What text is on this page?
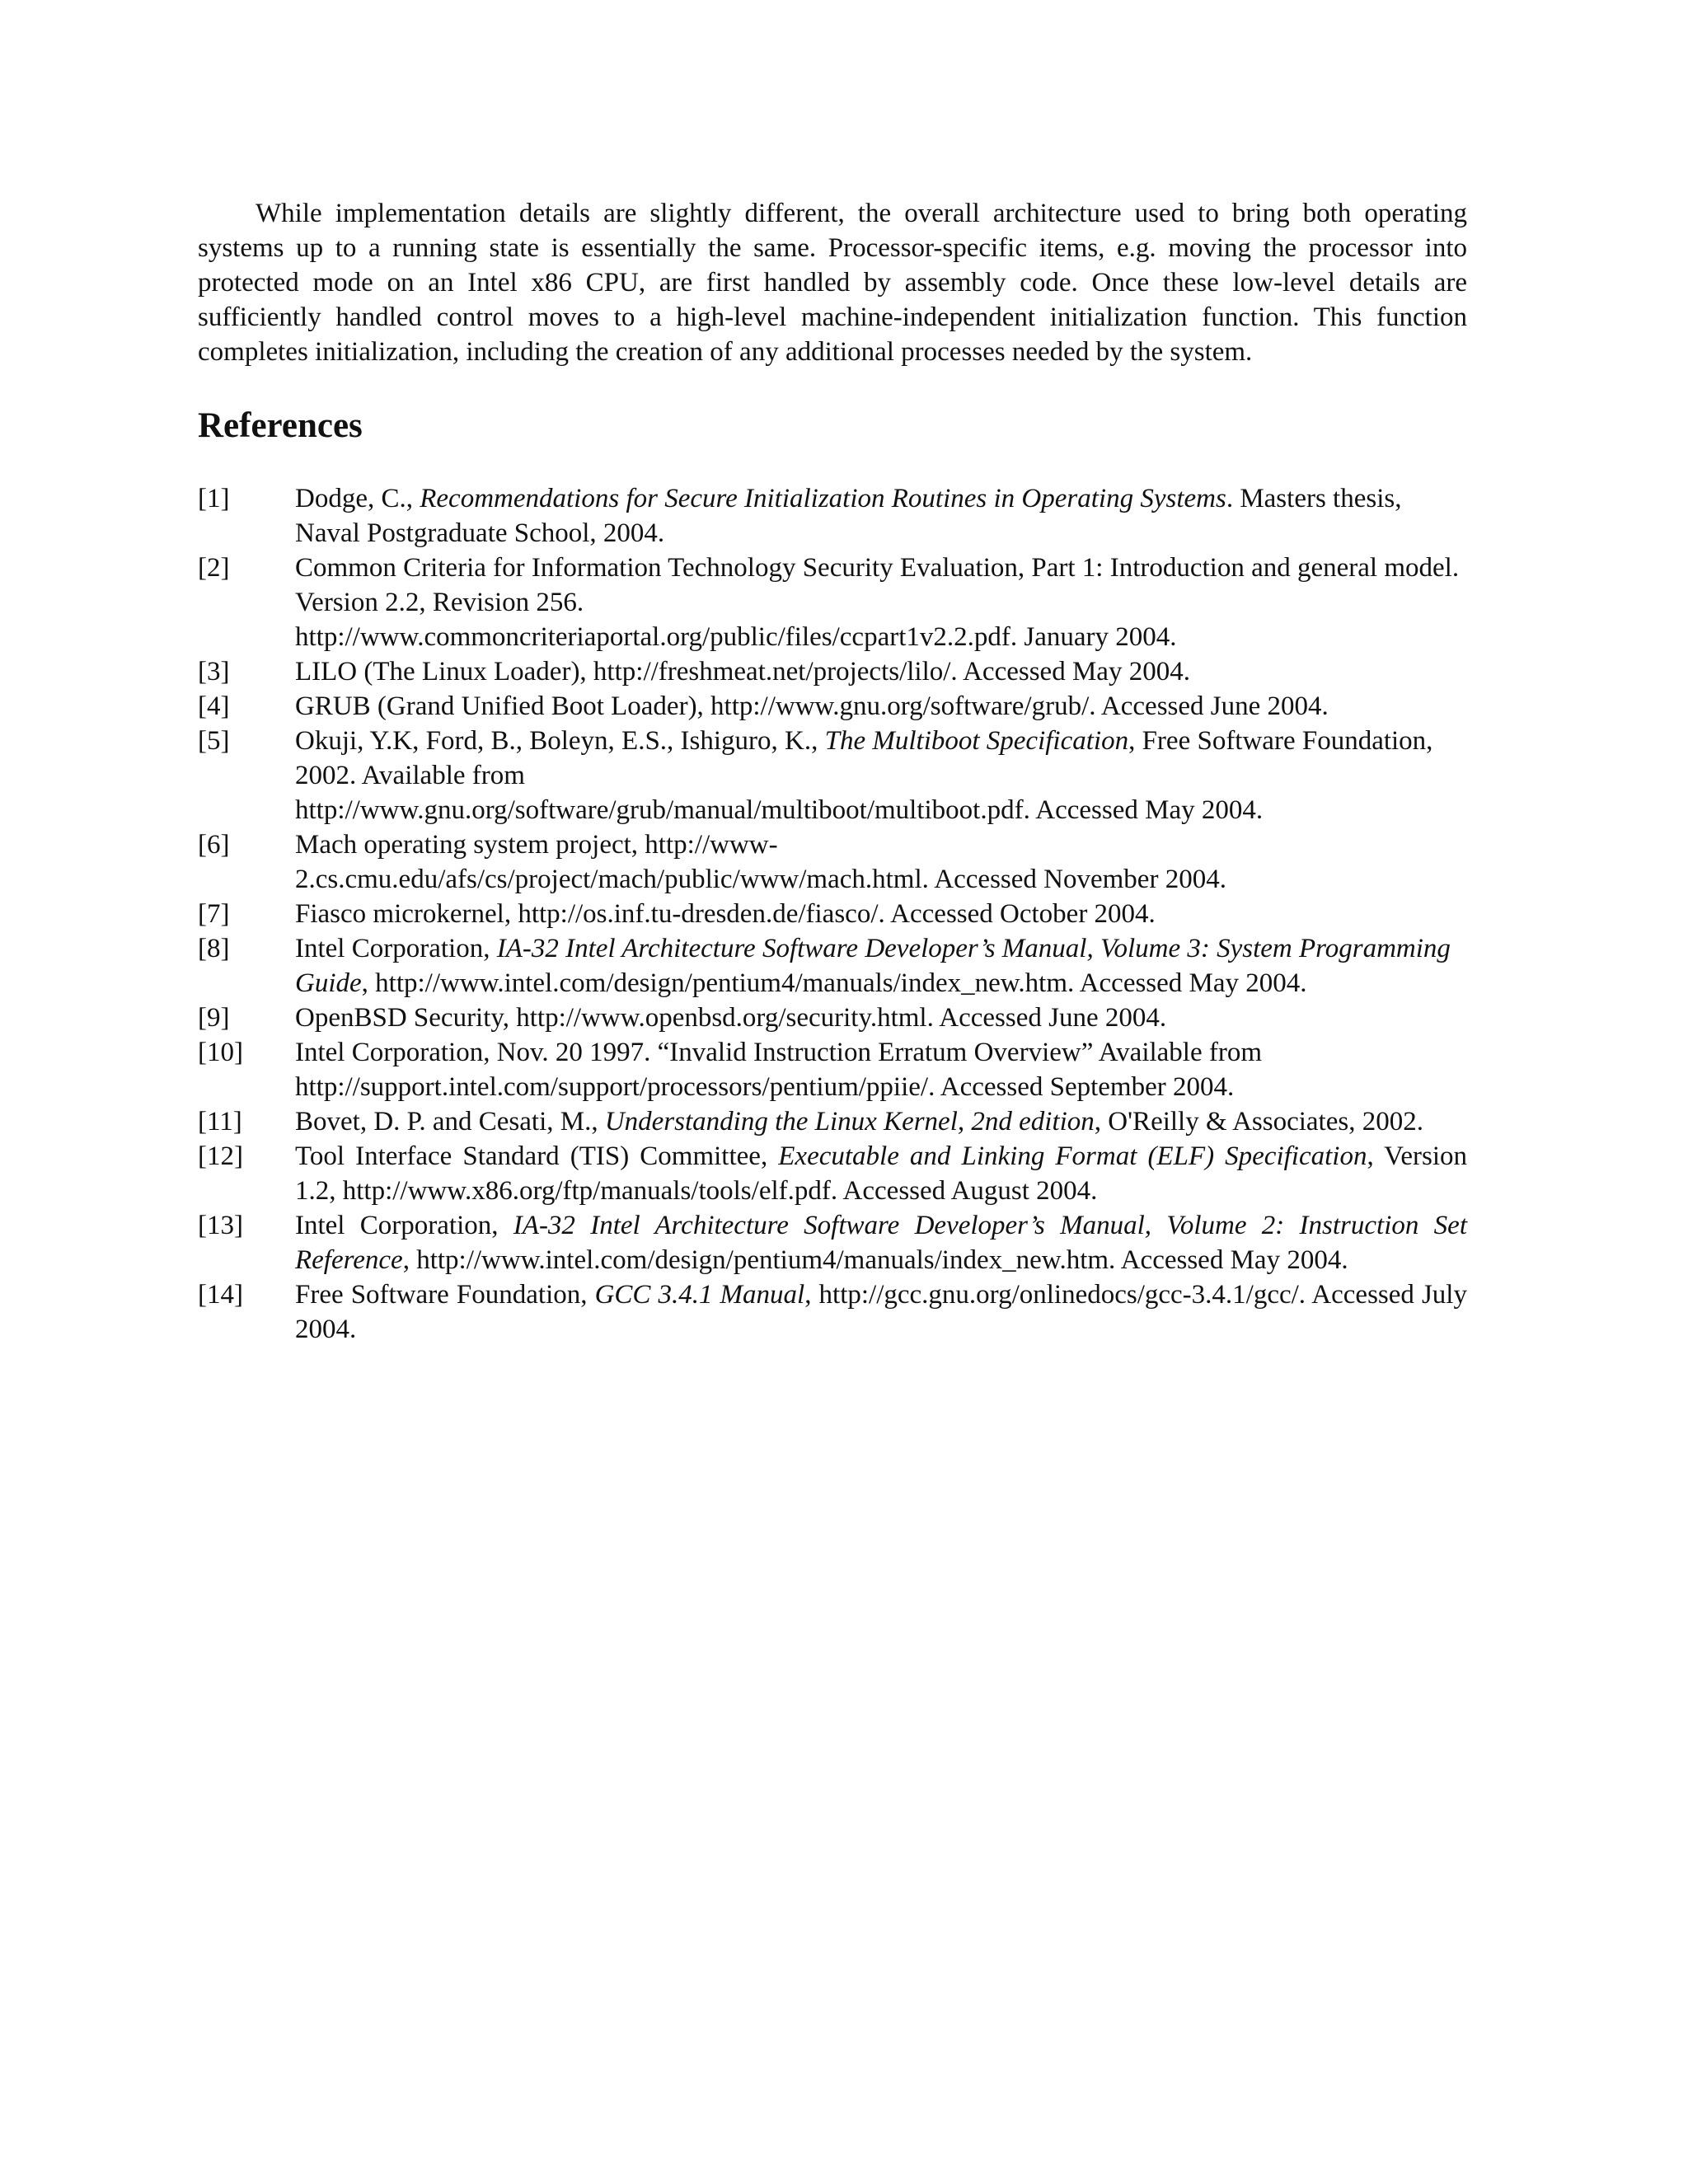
While implementation details are slightly different, the overall architecture used to bring both operating systems up to a running state is essentially the same. Processor-specific items, e.g. moving the processor into protected mode on an Intel x86 CPU, are first handled by assembly code. Once these low-level details are sufficiently handled control moves to a high-level machine-independent initialization function. This function completes initialization, including the creation of any additional processes needed by the system.

References
[1] Dodge, C., Recommendations for Secure Initialization Routines in Operating Systems. Masters thesis, Naval Postgraduate School, 2004.
[2] Common Criteria for Information Technology Security Evaluation, Part 1: Introduction and general model. Version 2.2, Revision 256.
http://www.commoncriteriaportal.org/public/files/ccpart1v2.2.pdf. January 2004.
[3] LILO (The Linux Loader), http://freshmeat.net/projects/lilo/. Accessed May 2004.
[4] GRUB (Grand Unified Boot Loader), http://www.gnu.org/software/grub/. Accessed June 2004.
[5] Okuji, Y.K, Ford, B., Boleyn, E.S., Ishiguro, K., The Multiboot Specification, Free Software Foundation, 2002. Available from
http://www.gnu.org/software/grub/manual/multiboot/multiboot.pdf. Accessed May 2004.
[6] Mach operating system project, http://www-
2.cs.cmu.edu/afs/cs/project/mach/public/www/mach.html. Accessed November 2004.
[7] Fiasco microkernel, http://os.inf.tu-dresden.de/fiasco/. Accessed October 2004.
[8] Intel Corporation, IA-32 Intel Architecture Software Developer’s Manual, Volume 3: System Programming Guide, http://www.intel.com/design/pentium4/manuals/index_new.htm. Accessed May 2004.
[9] OpenBSD Security, http://www.openbsd.org/security.html. Accessed June 2004.
[10] Intel Corporation, Nov. 20 1997. “Invalid Instruction Erratum Overview” Available from
http://support.intel.com/support/processors/pentium/ppiie/. Accessed September 2004.
[11] Bovet, D. P. and Cesati, M., Understanding the Linux Kernel, 2nd edition, O'Reilly & Associates, 2002.
[12] Tool Interface Standard (TIS) Committee, Executable and Linking Format (ELF) Specification, Version 1.2, http://www.x86.org/ftp/manuals/tools/elf.pdf. Accessed August 2004.
[13] Intel Corporation, IA-32 Intel Architecture Software Developer’s Manual, Volume 2: Instruction Set Reference, http://www.intel.com/design/pentium4/manuals/index_new.htm. Accessed May 2004.
[14] Free Software Foundation, GCC 3.4.1 Manual, http://gcc.gnu.org/onlinedocs/gcc-3.4.1/gcc/. Accessed July 2004.
